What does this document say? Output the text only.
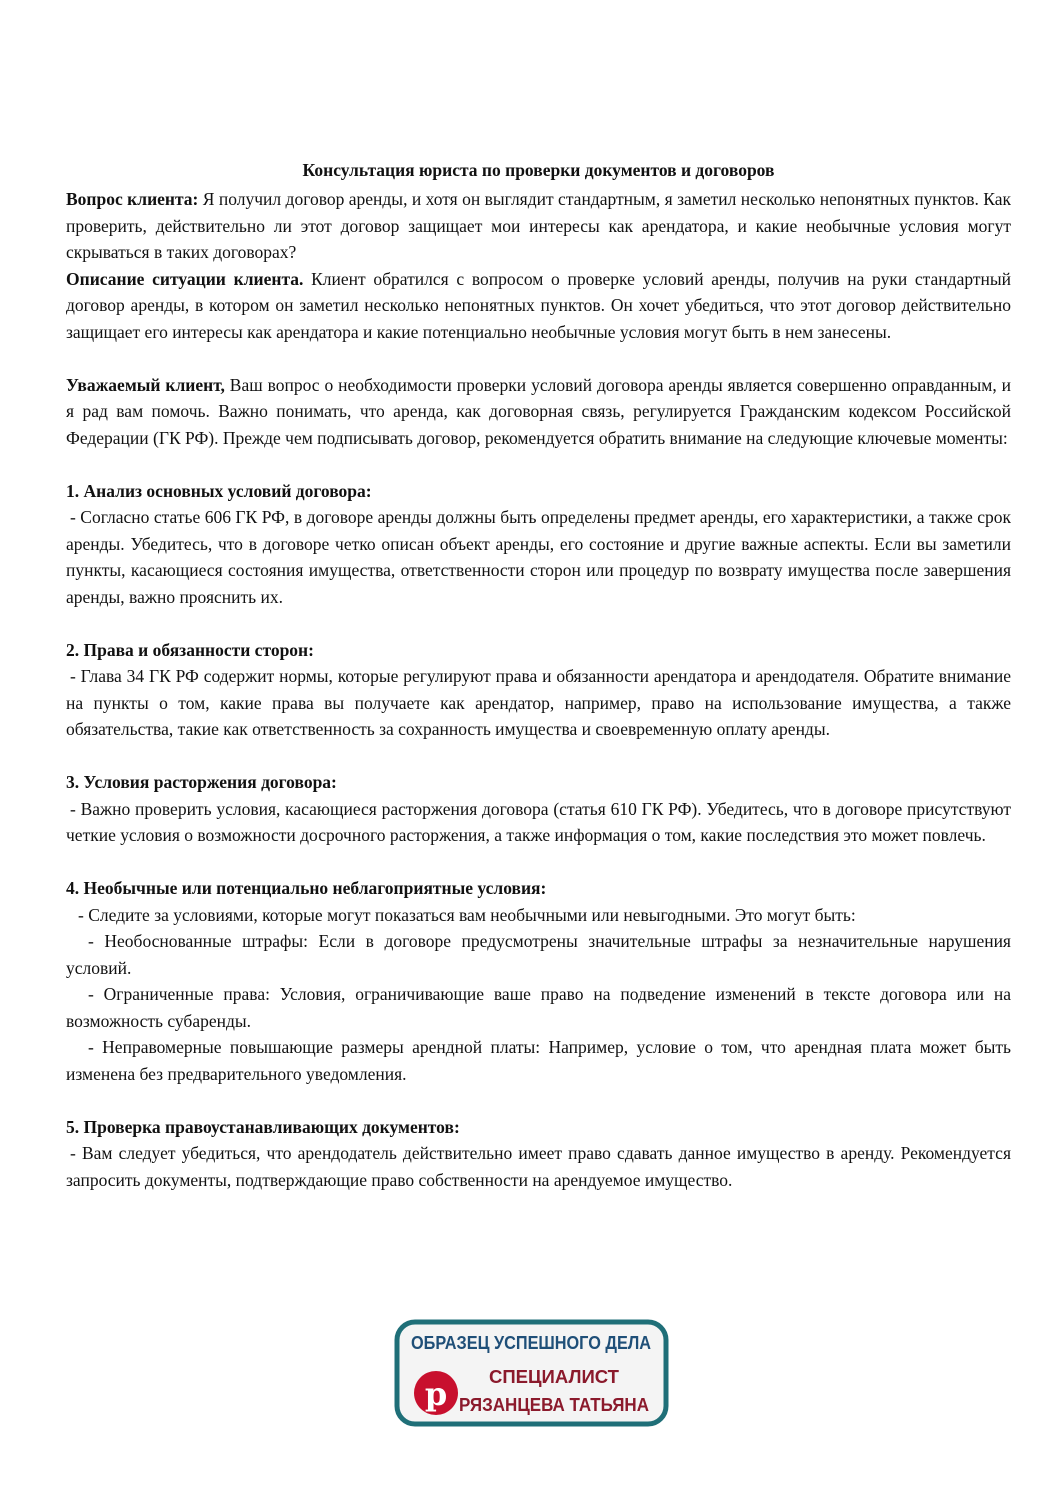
Консультация юриста по проверки документов и договоров

Вопрос клиента: Я получил договор аренды, и хотя он выглядит стандартным, я заметил несколько непонятных пунктов. Как проверить, действительно ли этот договор защищает мои интересы как арендатора, и какие необычные условия могут скрываться в таких договорах?

Описание ситуации клиента. Клиент обратился с вопросом о проверке условий аренды, получив на руки стандартный договор аренды, в котором он заметил несколько непонятных пунктов. Он хочет убедиться, что этот договор действительно защищает его интересы как арендатора и какие потенциально необычные условия могут быть в нем занесены.

Уважаемый клиент, Ваш вопрос о необходимости проверки условий договора аренды является совершенно оправданным, и я рад вам помочь. Важно понимать, что аренда, как договорная связь, регулируется Гражданским кодексом Российской Федерации (ГК РФ). Прежде чем подписывать договор, рекомендуется обратить внимание на следующие ключевые моменты:

1. Анализ основных условий договора:

- Согласно статье 606 ГК РФ, в договоре аренды должны быть определены предмет аренды, его характеристики, а также срок аренды. Убедитесь, что в договоре четко описан объект аренды, его состояние и другие важные аспекты. Если вы заметили пункты, касающиеся состояния имущества, ответственности сторон или процедур по возврату имущества после завершения аренды, важно прояснить их.

2. Права и обязанности сторон:

- Глава 34 ГК РФ содержит нормы, которые регулируют права и обязанности арендатора и арендодателя. Обратите внимание на пункты о том, какие права вы получаете как арендатор, например, право на использование имущества, а также обязательства, такие как ответственность за сохранность имущества и своевременную оплату аренды.

3. Условия расторжения договора:

- Важно проверить условия, касающиеся расторжения договора (статья 610 ГК РФ). Убедитесь, что в договоре присутствуют четкие условия о возможности досрочного расторжения, а также информация о том, какие последствия это может повлечь.

4. Необычные или потенциально неблагоприятные условия:

- Следите за условиями, которые могут показаться вам необычными или невыгодными. Это могут быть:

- Необоснованные штрафы: Если в договоре предусмотрены значительные штрафы за незначительные нарушения условий.

- Ограниченные права: Условия, ограничивающие ваше право на подведение изменений в тексте договора или на возможность субаренды.

- Неправомерные повышающие размеры арендной платы: Например, условие о том, что арендная плата может быть изменена без предварительного уведомления.

5. Проверка правоустанавливающих документов:

- Вам следует убедиться, что арендодатель действительно имеет право сдавать данное имущество в аренду. Рекомендуется запросить документы, подтверждающие право собственности на арендуемое имущество.

ОБРАЗЕЦ УСПЕШНОГО ДЕЛА
p СПЕЦИАЛИСТ
РЯЗАНЦЕВА ТАТЬЯНА
